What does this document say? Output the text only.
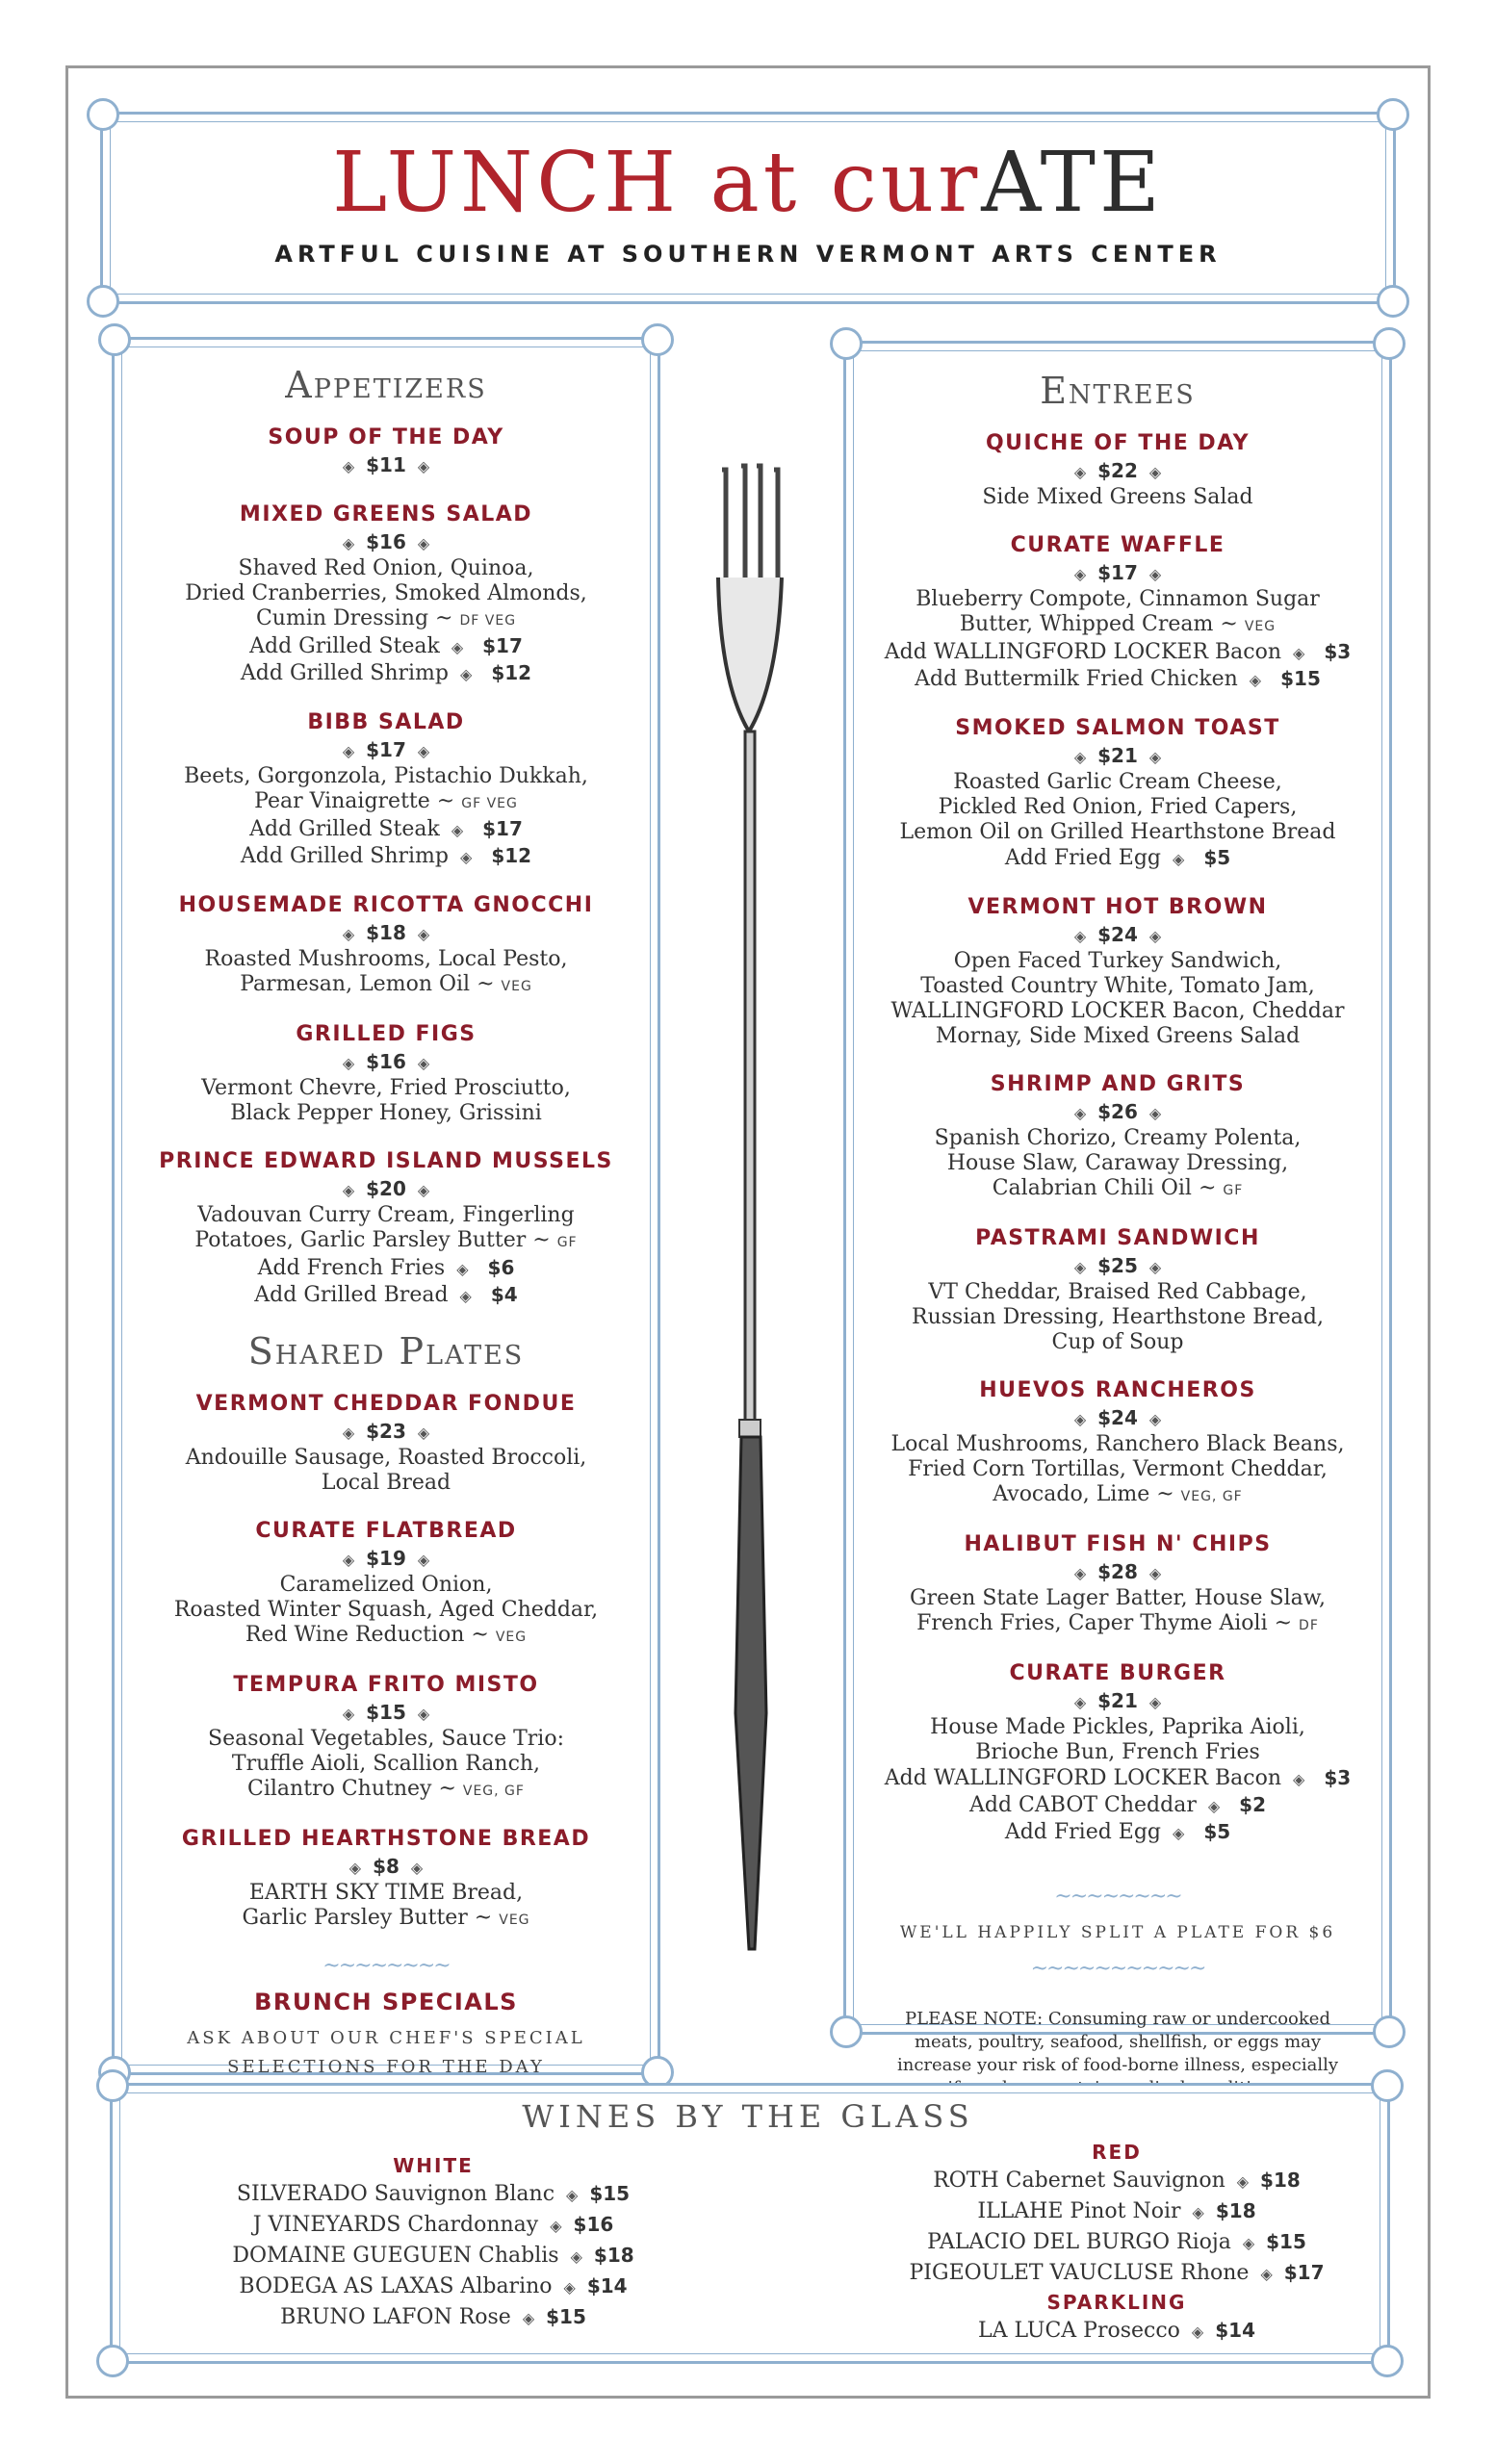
LUNCH at curATE
ARTFUL CUISINE AT SOUTHERN VERMONT ARTS CENTER
Appetizers
SOUP OF THE DAY
◈ $11 ◈
MIXED GREENS SALAD
◈ $16 ◈
Shaved Red Onion, Quinoa,
Dried Cranberries, Smoked Almonds,
Cumin Dressing ~ DF VEG
Add Grilled Steak ◈ $17
Add Grilled Shrimp ◈ $12
BIBB SALAD
◈ $17 ◈
Beets, Gorgonzola, Pistachio Dukkah,
Pear Vinaigrette ~ GF VEG
Add Grilled Steak ◈ $17
Add Grilled Shrimp ◈ $12
HOUSEMADE RICOTTA GNOCCHI
◈ $18 ◈
Roasted Mushrooms, Local Pesto,
Parmesan, Lemon Oil ~ VEG
GRILLED FIGS
◈ $16 ◈
Vermont Chevre, Fried Prosciutto,
Black Pepper Honey, Grissini
PRINCE EDWARD ISLAND MUSSELS
◈ $20 ◈
Vadouvan Curry Cream, Fingerling
Potatoes, Garlic Parsley Butter ~ GF
Add French Fries ◈ $6
Add Grilled Bread ◈ $4
Shared Plates
VERMONT CHEDDAR FONDUE
◈ $23 ◈
Andouille Sausage, Roasted Broccoli,
Local Bread
CURATE FLATBREAD
◈ $19 ◈
Caramelized Onion,
Roasted Winter Squash, Aged Cheddar,
Red Wine Reduction ~ VEG
TEMPURA FRITO MISTO
◈ $15 ◈
Seasonal Vegetables, Sauce Trio:
Truffle Aioli, Scallion Ranch,
Cilantro Chutney ~ VEG, GF
GRILLED HEARTHSTONE BREAD
◈ $8 ◈
EARTH SKY TIME Bread,
Garlic Parsley Butter ~ VEG
~~~~~~~~
BRUNCH SPECIALS
ASK ABOUT OUR CHEF'S SPECIAL
SELECTIONS FOR THE DAY
Entrees
QUICHE OF THE DAY
◈ $22 ◈
Side Mixed Greens Salad
CURATE WAFFLE
◈ $17 ◈
Blueberry Compote, Cinnamon Sugar
Butter, Whipped Cream ~ VEG
Add WALLINGFORD LOCKER Bacon ◈ $3
Add Buttermilk Fried Chicken ◈ $15
SMOKED SALMON TOAST
◈ $21 ◈
Roasted Garlic Cream Cheese,
Pickled Red Onion, Fried Capers,
Lemon Oil on Grilled Hearthstone Bread
Add Fried Egg ◈ $5
VERMONT HOT BROWN
◈ $24 ◈
Open Faced Turkey Sandwich,
Toasted Country White, Tomato Jam,
WALLINGFORD LOCKER Bacon, Cheddar
Mornay, Side Mixed Greens Salad
SHRIMP AND GRITS
◈ $26 ◈
Spanish Chorizo, Creamy Polenta,
House Slaw, Caraway Dressing,
Calabrian Chili Oil ~ GF
PASTRAMI SANDWICH
◈ $25 ◈
VT Cheddar, Braised Red Cabbage,
Russian Dressing, Hearthstone Bread,
Cup of Soup
HUEVOS RANCHEROS
◈ $24 ◈
Local Mushrooms, Ranchero Black Beans,
Fried Corn Tortillas, Vermont Cheddar,
Avocado, Lime ~ VEG, GF
HALIBUT FISH N' CHIPS
◈ $28 ◈
Green State Lager Batter, House Slaw,
French Fries, Caper Thyme Aioli ~ DF
CURATE BURGER
◈ $21 ◈
House Made Pickles, Paprika Aioli,
Brioche Bun, French Fries
Add WALLINGFORD LOCKER Bacon ◈ $3
Add CABOT Cheddar ◈ $2
Add Fried Egg ◈ $5
~~~~~~~~
WE'LL HAPPILY SPLIT A PLATE FOR $6
~~~~~~~~~~~
PLEASE NOTE: Consuming raw or undercooked meats, poultry, seafood, shellfish, or eggs may increase your risk of food-borne illness, especially
WINES BY THE GLASS
WHITE
SILVERADO Sauvignon Blanc ◈ $15
J VINEYARDS Chardonnay ◈ $16
DOMAINE GUEGUEN Chablis ◈ $18
BODEGA AS LAXAS Albarino ◈ $14
BRUNO LAFON Rose ◈ $15
RED
ROTH Cabernet Sauvignon ◈ $18
ILLAHE Pinot Noir ◈ $18
PALACIO DEL BURGO Rioja ◈ $15
PIGEOULET VAUCLUSE Rhone ◈ $17
SPARKLING
LA LUCA Prosecco ◈ $14
